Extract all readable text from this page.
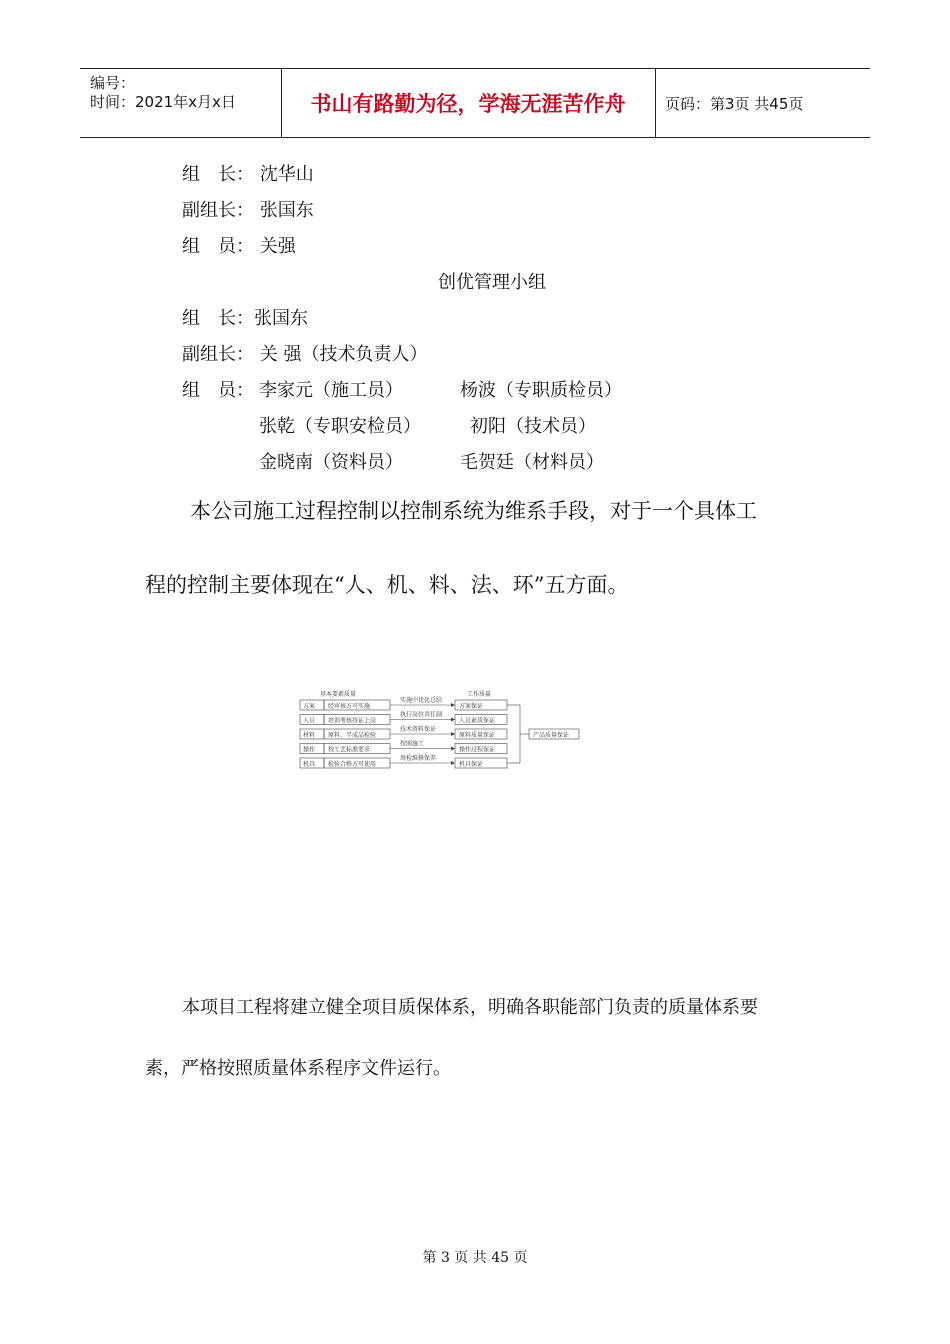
编号：
时间：2021年x月x日	书山有路勤为径，学海无涯苦作舟	页码：第3页 共45页
组　长： 沈华山
副组长： 张国东
组　员： 关强
创优管理小组
组　长：张国东
副组长： 关 强（技术负责人）
组　员： 李家元（施工员）	杨波（专职质检员）
张乾（专职安检员）	初阳（技术员）
金晓南（资料员）	毛贺廷（材料员）
本公司施工过程控制以控制系统为维系手段，对于一个具体工
程的控制主要体现在“人、机、料、法、环”五方面。
基本要素质量	工作质量
方案 经审核方可实施
实施中优化总结
方案保证
人员 培训考核持证上岗
执行岗位责任制
人员素质保证
材料 原料、半成品检验
技术资料保证
原料质量保证
操作 按工艺标准要求
按图施工
操作过程保证
机具 检验合格方可使用
周检维修保养
机具保证
产品质量保证
本项目工程将建立健全项目质保体系，明确各职能部门负责的质量体系要
素，严格按照质量体系程序文件运行。
第 3 页 共 45 页
